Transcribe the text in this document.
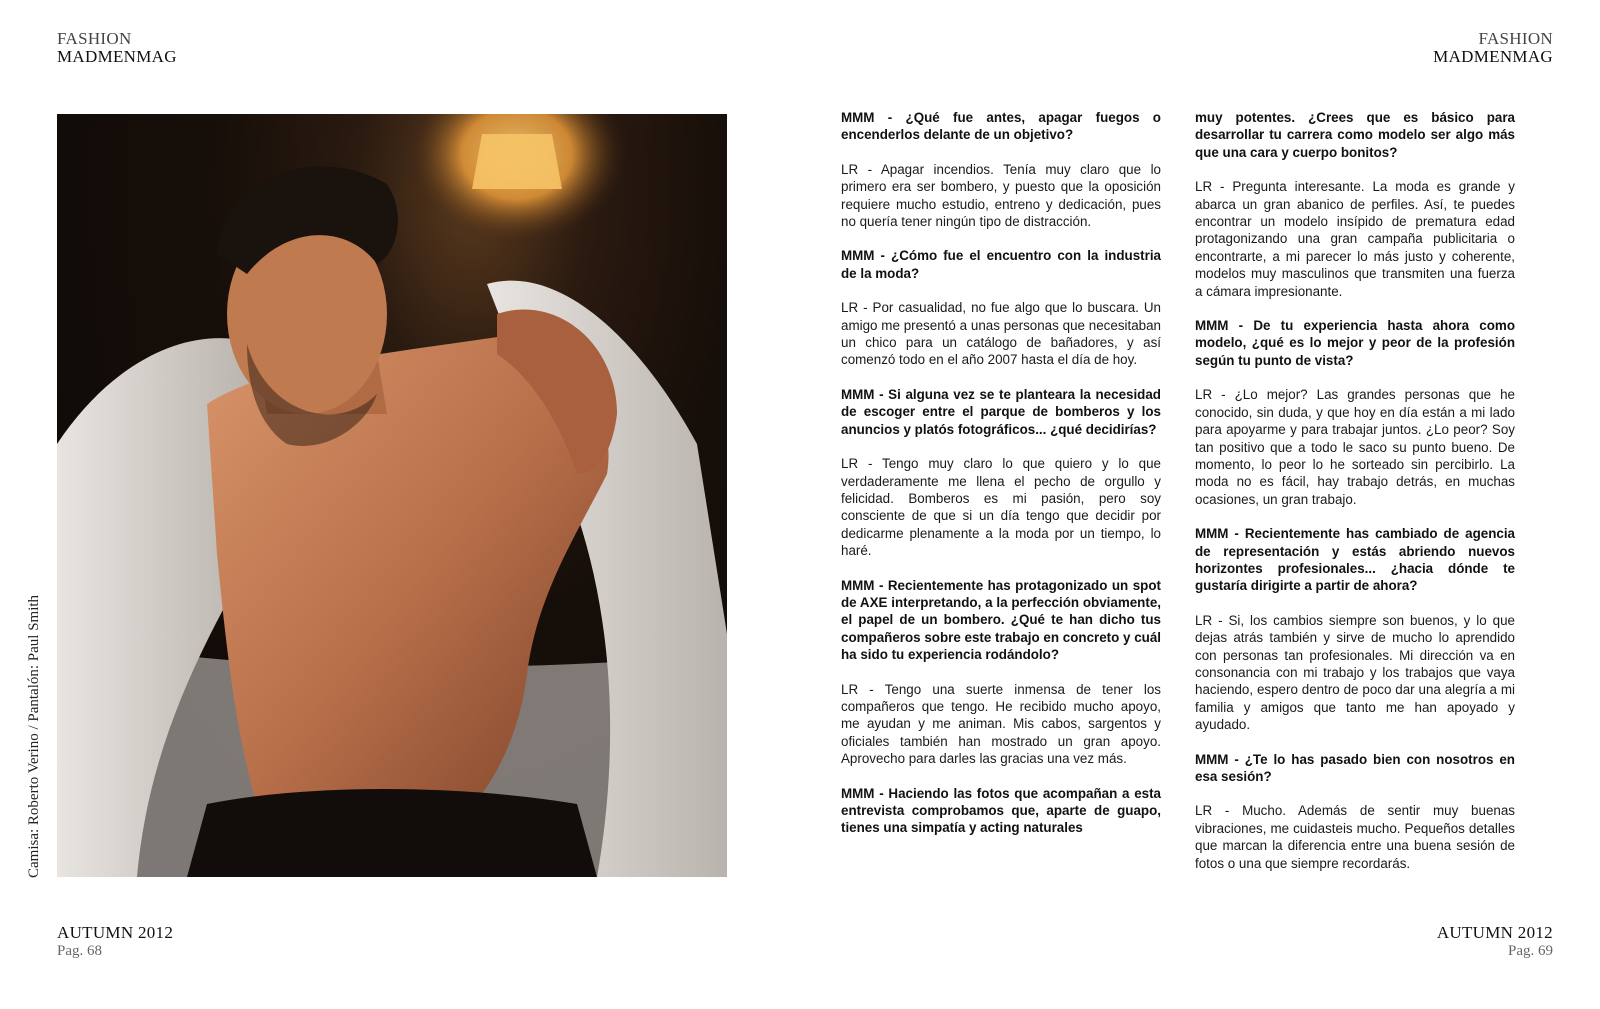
FASHION
MADMENMAG
FASHION
MADMENMAG
Camisa: Roberto Verino / Pantalón: Paul Smith

MMM - ¿Qué fue antes, apagar fuegos o encenderlos delante de un objetivo?

LR - Apagar incendios. Tenía muy claro que lo primero era ser bombero, y puesto que la oposición requiere mucho estudio, entreno y dedicación, pues no quería tener ningún tipo de distracción.

MMM - ¿Cómo fue el encuentro con la industria de la moda?

LR - Por casualidad, no fue algo que lo buscara. Un amigo me presentó a unas personas que necesitaban un chico para un catálogo de bañadores, y así comenzó todo en el año 2007 hasta el día de hoy.

MMM - Si alguna vez se te planteara la necesidad de escoger entre el parque de bomberos y los anuncios y platós fotográficos... ¿qué decidirías?

LR - Tengo muy claro lo que quiero y lo que verdaderamente me llena el pecho de orgullo y felicidad. Bomberos es mi pasión, pero soy consciente de que si un día tengo que decidir por dedicarme plenamente a la moda por un tiempo, lo haré.

MMM - Recientemente has protagonizado un spot de AXE interpretando, a la perfección obviamente, el papel de un bombero. ¿Qué te han dicho tus compañeros sobre este trabajo en concreto y cuál ha sido tu experiencia rodándolo?

LR - Tengo una suerte inmensa de tener los compañeros que tengo. He recibido mucho apoyo, me ayudan y me animan. Mis cabos, sargentos y oficiales también han mostrado un gran apoyo. Aprovecho para darles las gracias una vez más.

MMM - Haciendo las fotos que acompañan a esta entrevista comprobamos que, aparte de guapo, tienes una simpatía y acting naturales

muy potentes. ¿Crees que es básico para desarrollar tu carrera como modelo ser algo más que una cara y cuerpo bonitos?

LR - Pregunta interesante. La moda es grande y abarca un gran abanico de perfiles. Así, te puedes encontrar un modelo insípido de prematura edad protagonizando una gran campaña publicitaria o encontrarte, a mi parecer lo más justo y coherente, modelos muy masculinos que transmiten una fuerza a cámara impresionante.

MMM - De tu experiencia hasta ahora como modelo, ¿qué es lo mejor y peor de la profesión según tu punto de vista?

LR - ¿Lo mejor? Las grandes personas que he conocido, sin duda, y que hoy en día están a mi lado para apoyarme y para trabajar juntos. ¿Lo peor? Soy tan positivo que a todo le saco su punto bueno. De momento, lo peor lo he sorteado sin percibirlo. La moda no es fácil, hay trabajo detrás, en muchas ocasiones, un gran trabajo.

MMM - Recientemente has cambiado de agencia de representación y estás abriendo nuevos horizontes profesionales... ¿hacia dónde te gustaría dirigirte a partir de ahora?

LR - Si, los cambios siempre son buenos, y lo que dejas atrás también y sirve de mucho lo aprendido con personas tan profesionales. Mi dirección va en consonancia con mi trabajo y los trabajos que vaya haciendo, espero dentro de poco dar una alegría a mi familia y amigos que tanto me han apoyado y ayudado.

MMM - ¿Te lo has pasado bien con nosotros en esa sesión?

LR - Mucho. Además de sentir muy buenas vibraciones, me cuidasteis mucho. Pequeños detalles que marcan la diferencia entre una buena sesión de fotos o una que siempre recordarás.

AUTUMN 2012
Pag. 68
AUTUMN 2012
Pag. 69
